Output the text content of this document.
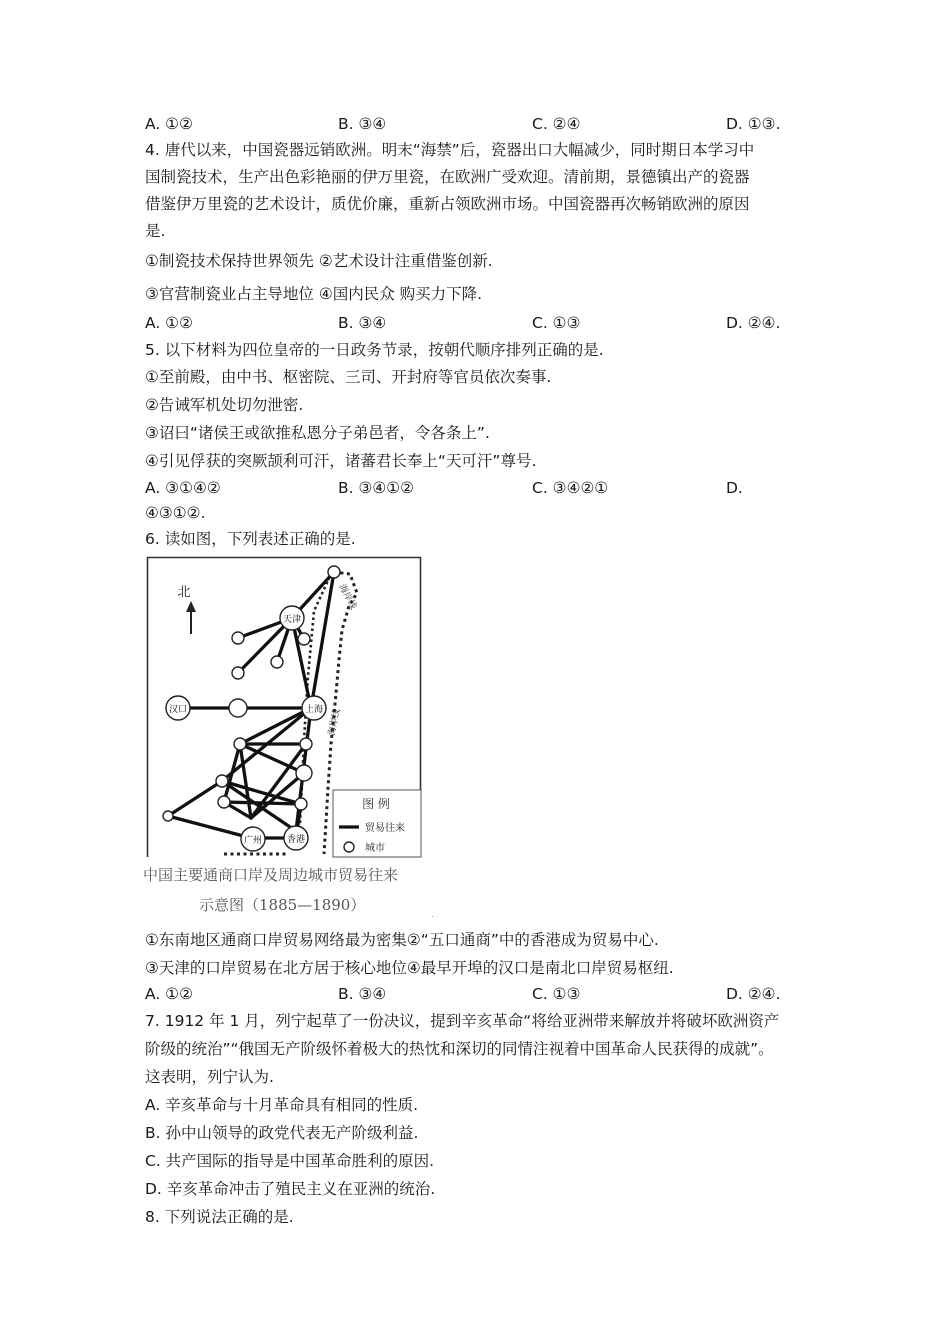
A. ①②	B. ③④	C. ②④	D. ①③.
4. 唐代以来，中国瓷器远销欧洲。明末“海禁”后，瓷器出口大幅减少，同时期日本学习中
国制瓷技术，生产出色彩艳丽的伊万里瓷，在欧洲广受欢迎。清前期，景德镇出产的瓷器
借鉴伊万里瓷的艺术设计，质优价廉，重新占领欧洲市场。中国瓷器再次畅销欧洲的原因
是.
①制瓷技术保持世界领先 ②艺术设计注重借鉴创新.
③官营制瓷业占主导地位 ④国内民众 购买力下降.
A. ①②	B. ③④	C. ①③	D. ②④.
5. 以下材料为四位皇帝的一日政务节录，按朝代顺序排列正确的是.
①至前殿，由中书、枢密院、三司、开封府等官员依次奏事.
②告诫军机处切勿泄密.
③诏曰“诸侯王或欲推私恩分子弟邑者，令各条上”.
④引见俘获的突厥颉利可汗，诸蕃君长奉上“天可汗”尊号.
A. ③①④②	B. ③④①②	C. ③④②①	D.
④③①②.
6. 读如图，下列表述正确的是.
北	海岸线
海岸线
天津
汉口	上海
广州	香港
图 例
贸易往来
城市
中国主要通商口岸及周边城市贸易往来
示意图（1885—1890）
.
①东南地区通商口岸贸易网络最为密集②“五口通商”中的香港成为贸易中心.
③天津的口岸贸易在北方居于核心地位④最早开埠的汉口是南北口岸贸易枢纽.
A. ①②	B. ③④	C. ①③	D. ②④.
7. 1912 年 1 月，列宁起草了一份决议，提到辛亥革命“将给亚洲带来解放并将破坏欧洲资产
阶级的统治”“俄国无产阶级怀着极大的热忱和深切的同情注视着中国革命人民获得的成就”。
这表明，列宁认为.
A. 辛亥革命与十月革命具有相同的性质.
B. 孙中山领导的政党代表无产阶级利益.
C. 共产国际的指导是中国革命胜利的原因.
D. 辛亥革命冲击了殖民主义在亚洲的统治.
8. 下列说法正确的是.
